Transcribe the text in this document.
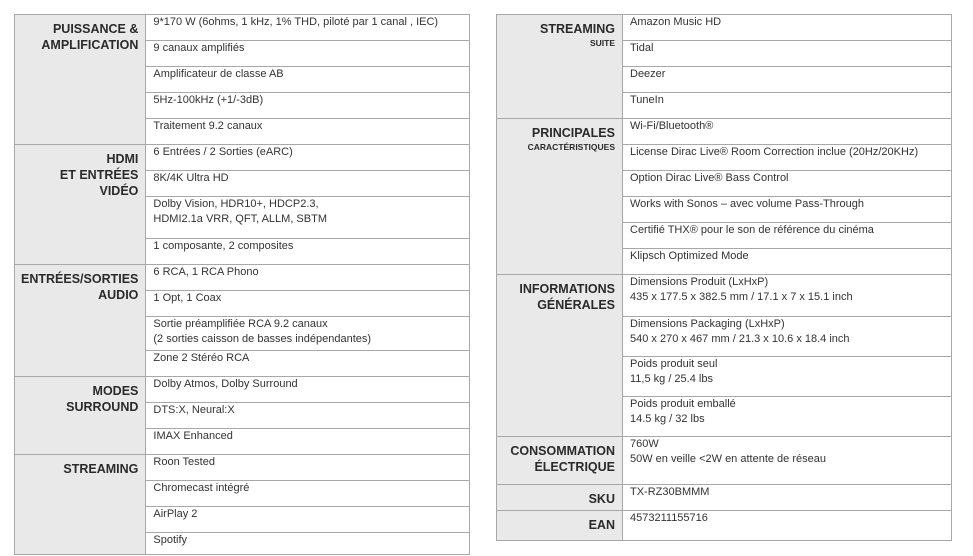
PUISSANCE &
AMPLIFICATION	9*170 W (6ohms, 1 kHz, 1% THD, piloté par 1 canal , IEC)

	9 canaux amplifiés

	Amplificateur de classe AB

	5Hz-100kHz (+1/-3dB)

	Traitement 9.2 canaux

HDMI
ET ENTRÉES VIDÉO	6 Entrées / 2 Sorties (eARC)

	8K/4K Ultra HD

	Dolby Vision, HDR10+, HDCP2.3,
HDMI2.1a VRR, QFT, ALLM, SBTM

	1 composante, 2 composites

ENTRÉES/SORTIES
AUDIO	6 RCA, 1 RCA Phono

	1 Opt, 1 Coax

	Sortie préamplifiée RCA 9.2 canaux
(2 sorties caisson de basses indépendantes)

	Zone 2 Stéréo RCA

MODES
SURROUND	Dolby Atmos, Dolby Surround

	DTS:X, Neural:X

	IMAX Enhanced

STREAMING	Roon Tested

	Chromecast intégré

	AirPlay 2

	Spotify
STREAMING
SUITE	Amazon Music HD

	Tidal

	Deezer

	TuneIn

PRINCIPALES
CARACTÉRISTIQUES	Wi-Fi/Bluetooth®

	License Dirac Live® Room Correction inclue (20Hz/20KHz)

	Option Dirac Live® Bass Control

	Works with Sonos – avec volume Pass-Through

	Certifié THX® pour le son de référence du cinéma

	Klipsch Optimized Mode

INFORMATIONS
GÉNÉRALES	Dimensions Produit (LxHxP)
435 x 177.5 x 382.5 mm / 17.1 x 7 x 15.1 inch

	Dimensions Packaging (LxHxP)
540 x 270 x 467 mm / 21.3 x 10.6 x 18.4 inch

	Poids produit seul
11,5 kg / 25.4 lbs

	Poids produit emballé
14.5 kg / 32 lbs

CONSOMMATION
ÉLECTRIQUE	760W
50W en veille <2W en attente de réseau

SKU	TX-RZ30BMMM

EAN	4573211155716
